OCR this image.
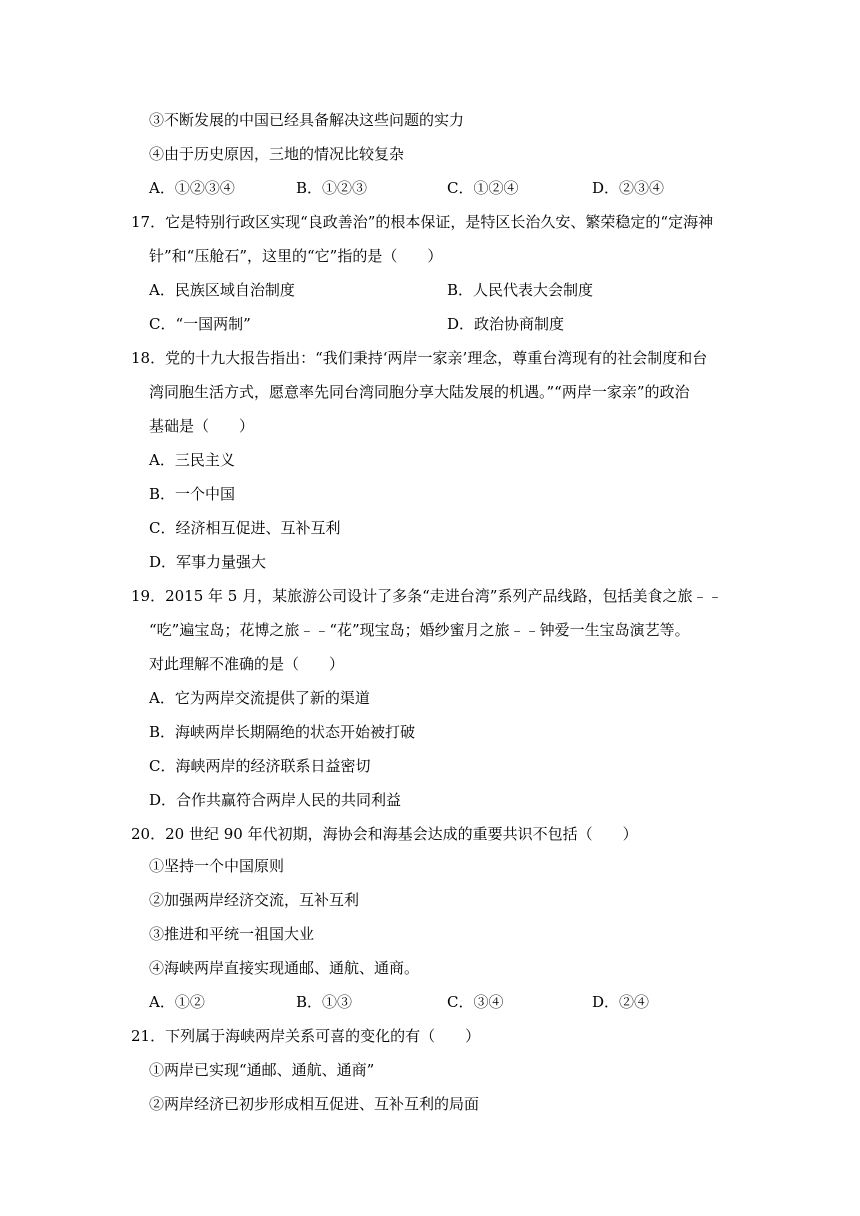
③不断发展的中国已经具备解决这些问题的实力
④由于历史原因，三地的情况比较复杂
A．①②③④	B．①②③	C．①②④	D．②③④
17．它是特别行政区实现“良政善治”的根本保证，是特区长治久安、繁荣稳定的“定海神
针”和“压舱石”，这里的“它”指的是（　　）
A．民族区域自治制度	B．人民代表大会制度
C．“一国两制”	D．政治协商制度
18．党的十九大报告指出：“我们秉持‘两岸一家亲’理念，尊重台湾现有的社会制度和台
湾同胞生活方式，愿意率先同台湾同胞分享大陆发展的机遇。”“两岸一家亲”的政治
基础是（　　）
A．三民主义
B．一个中国
C．经济相互促进、互补互利
D．军事力量强大
19．2015 年 5 月，某旅游公司设计了多条“走进台湾”系列产品线路，包括美食之旅﹣﹣
“吃”遍宝岛；花博之旅﹣﹣“花”现宝岛；婚纱蜜月之旅﹣﹣钟爱一生宝岛演艺等。
对此理解不准确的是（　　）
A．它为两岸交流提供了新的渠道
B．海峡两岸长期隔绝的状态开始被打破
C．海峡两岸的经济联系日益密切
D．合作共赢符合两岸人民的共同利益
20．20 世纪 90 年代初期，海协会和海基会达成的重要共识不包括（　　）
①坚持一个中国原则
②加强两岸经济交流，互补互利
③推进和平统一祖国大业
④海峡两岸直接实现通邮、通航、通商。
A．①②	B．①③	C．③④	D．②④
21．下列属于海峡两岸关系可喜的变化的有（　　）
①两岸已实现“通邮、通航、通商”
②两岸经济已初步形成相互促进、互补互利的局面
